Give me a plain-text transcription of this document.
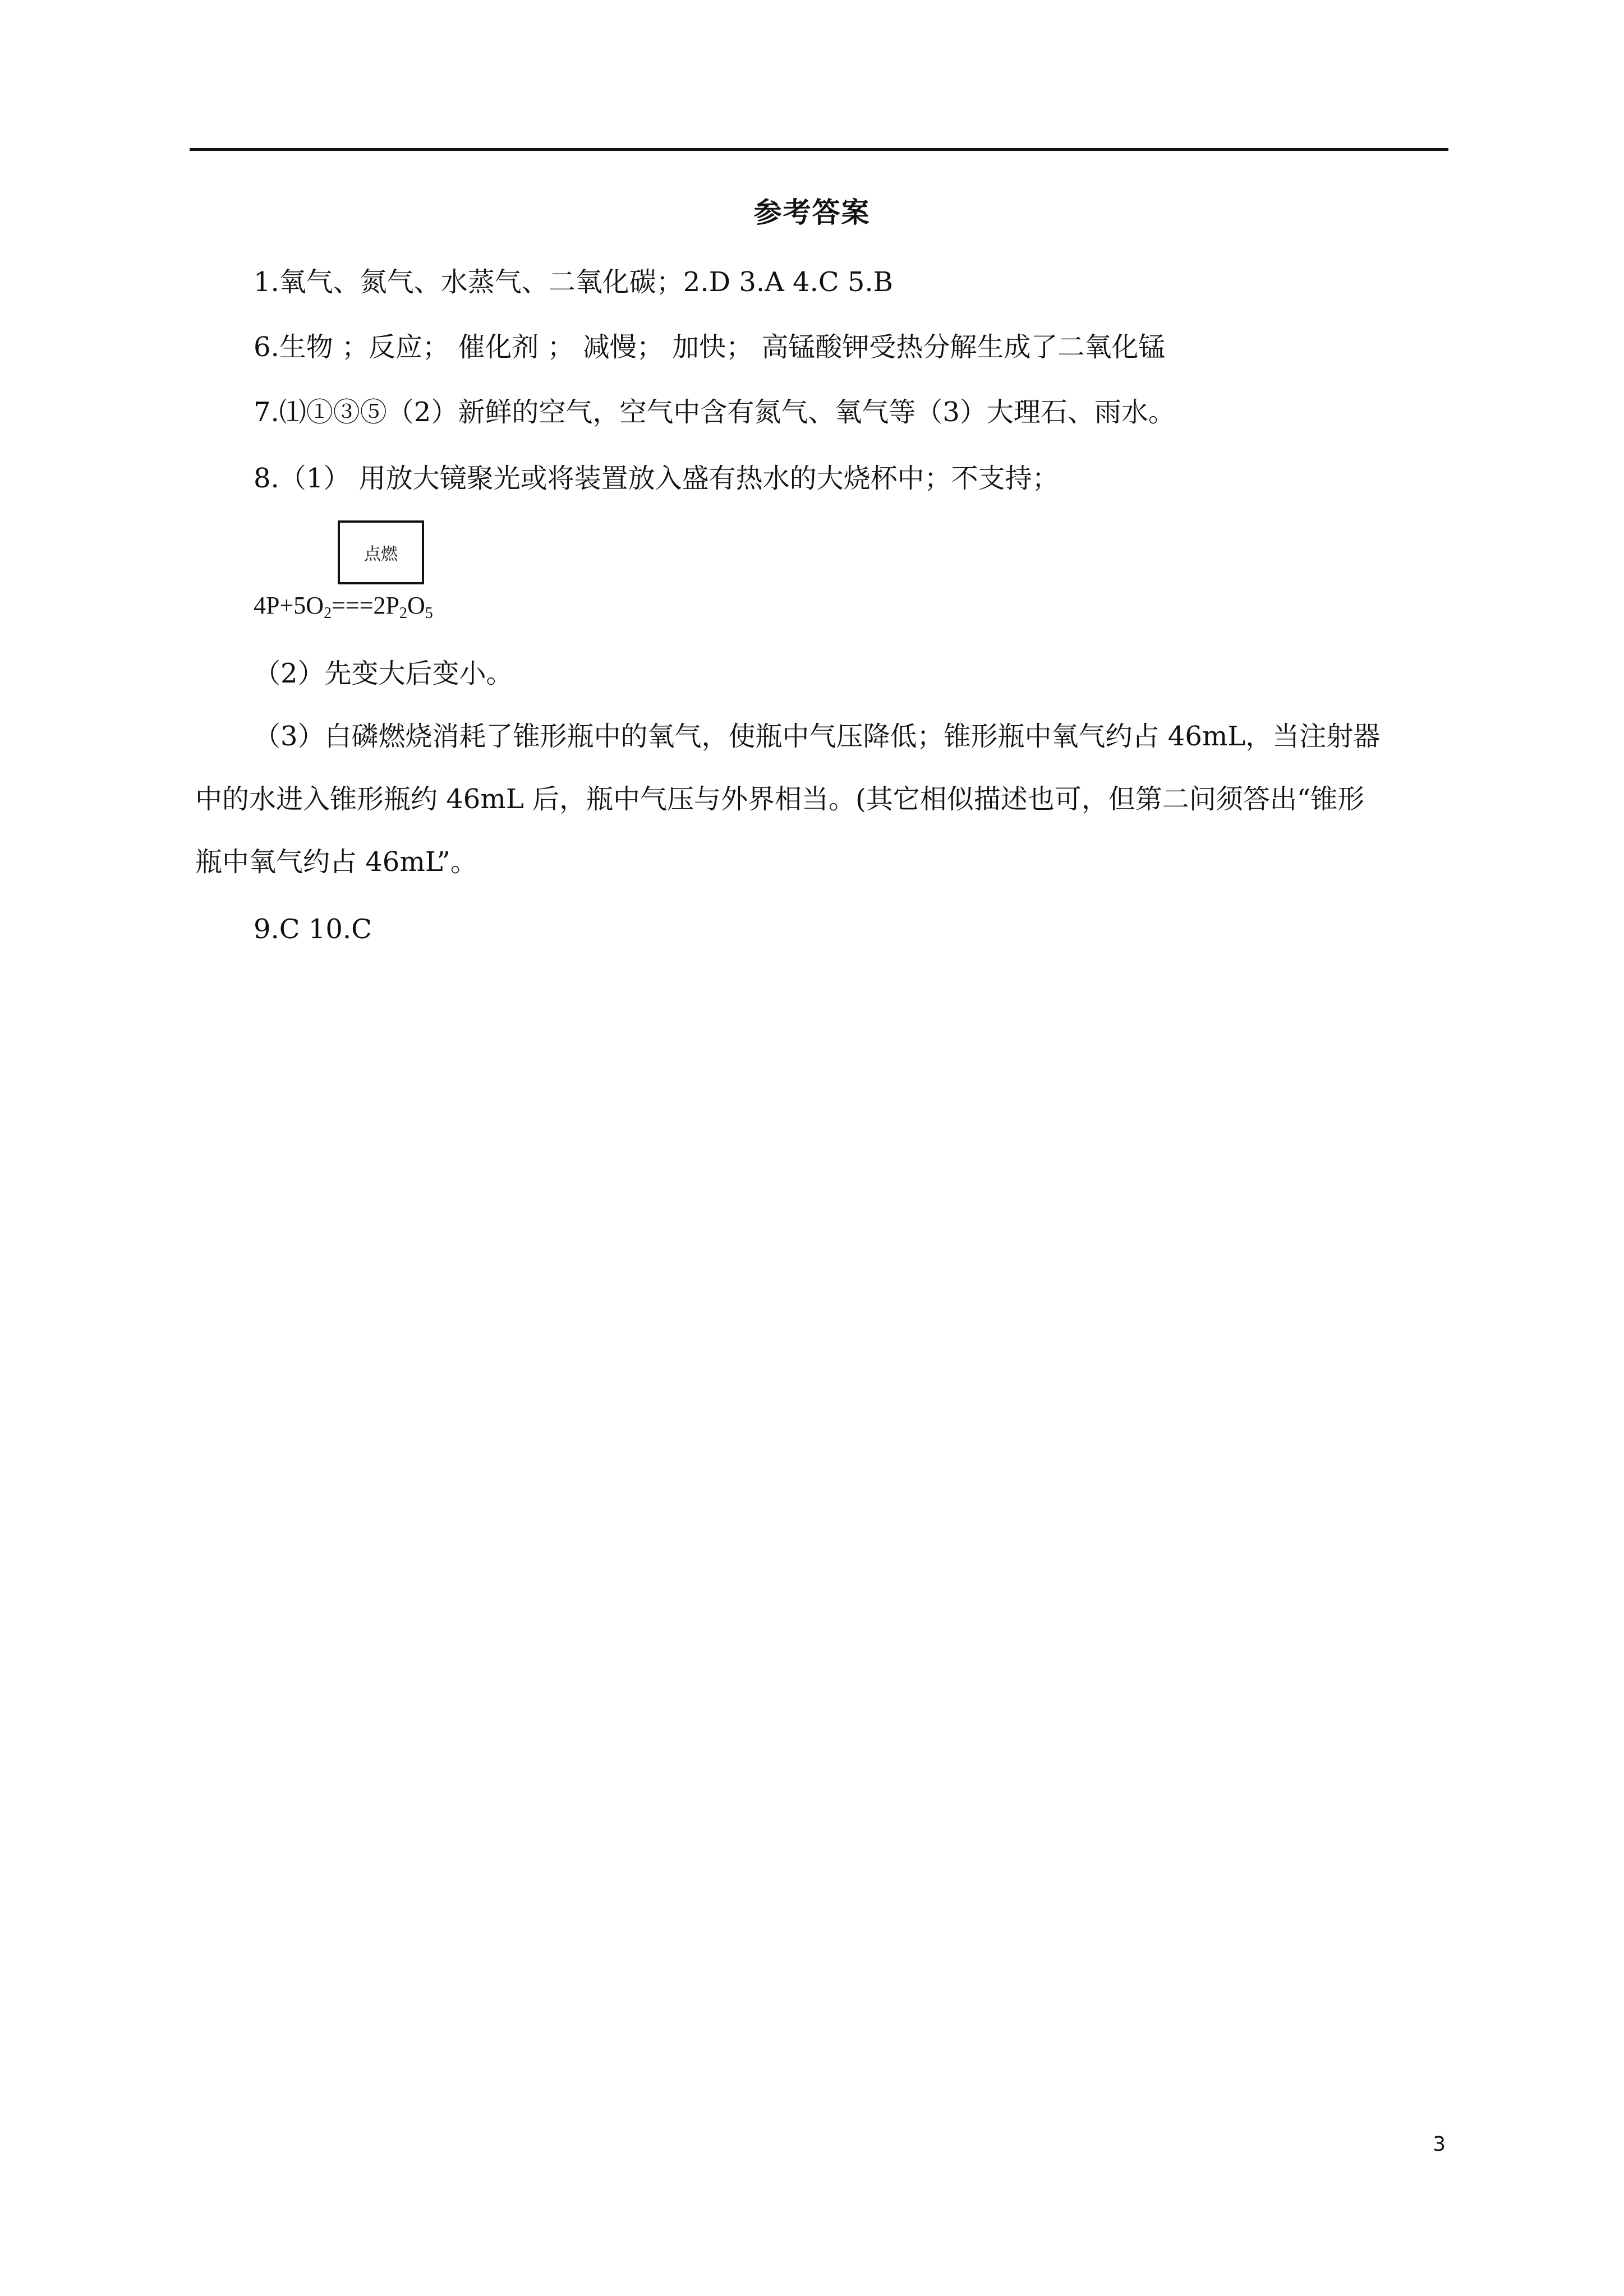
参考答案
1.氧气、氮气、水蒸气、二氧化碳；2.D 3.A 4.C 5.B
6.生物 ；反应； 催化剂 ； 减慢； 加快； 高锰酸钾受热分解生成了二氧化锰
7.⑴①③⑤（2）新鲜的空气，空气中含有氮气、氧气等（3）大理石、雨水。
8.（1） 用放大镜聚光或将装置放入盛有热水的大烧杯中；不支持；
点燃
$4P+5O_2===2P_2O_5$
（2）先变大后变小。
（3）白磷燃烧消耗了锥形瓶中的氧气，使瓶中气压降低；锥形瓶中氧气约占 46mL，当注射器
中的水进入锥形瓶约 46mL 后，瓶中气压与外界相当。(其它相似描述也可，但第二问须答出“锥形
瓶中氧气约占 46mL”。
9.C 10.C
3
